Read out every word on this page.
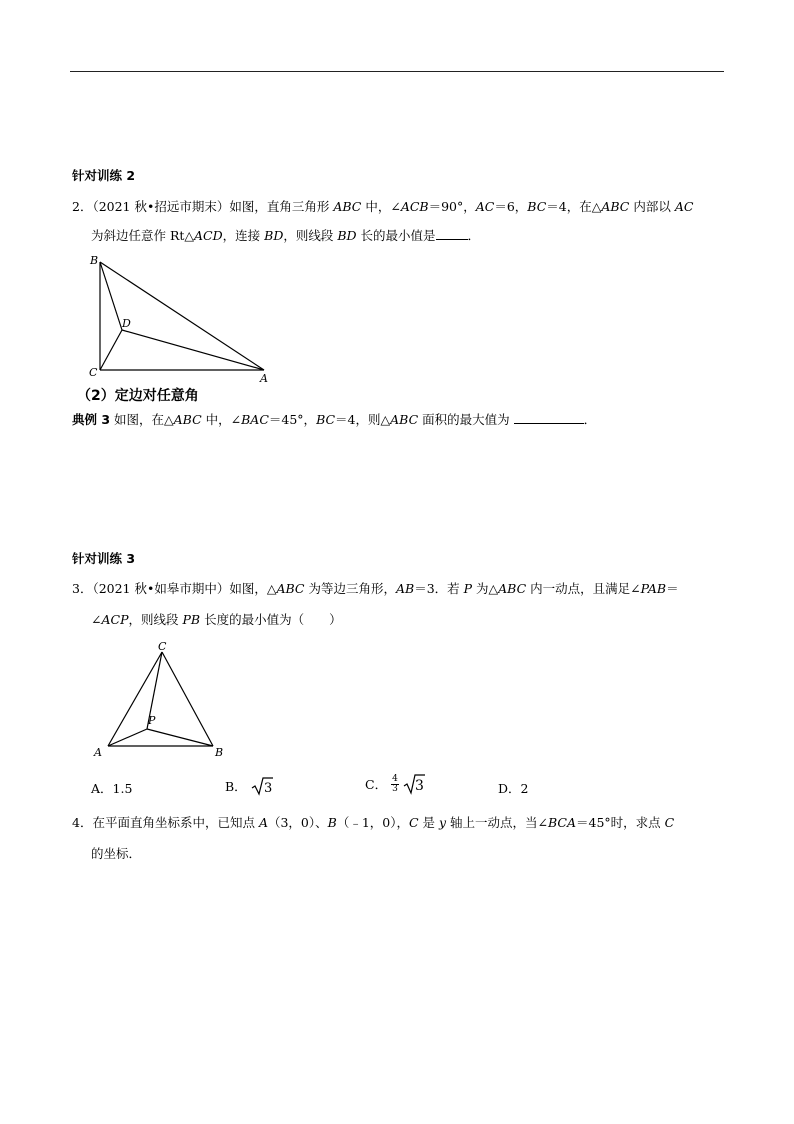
针对训练 2
2．（2021 秋•招远市期末）如图，直角三角形 ABC 中，∠ACB＝90°，AC＝6，BC＝4，在△ABC 内部以 AC
为斜边任意作 Rt△ACD，连接 BD，则线段 BD 长的最小值是	．
B
C
D
A
（2）定边对任意角
典例 3 如图，在△ABC 中，∠BAC＝45°，BC＝4，则△ABC 面积的最大值为	．
针对训练 3
3．（2021 秋•如皋市期中）如图，△ABC 为等边三角形，AB＝3．若 P 为△ABC 内一动点，且满足∠PAB＝
∠ACP，则线段 PB 长度的最小值为（　　）
C
P
A	B
A．1.5	B． 3	C． $\frac{4}{3}$
3	D．2
4．在平面直角坐标系中，已知点 A（3，0）、B（﹣1，0），C 是 y 轴上一动点，当∠BCA＝45°时，求点 C
的坐标．
